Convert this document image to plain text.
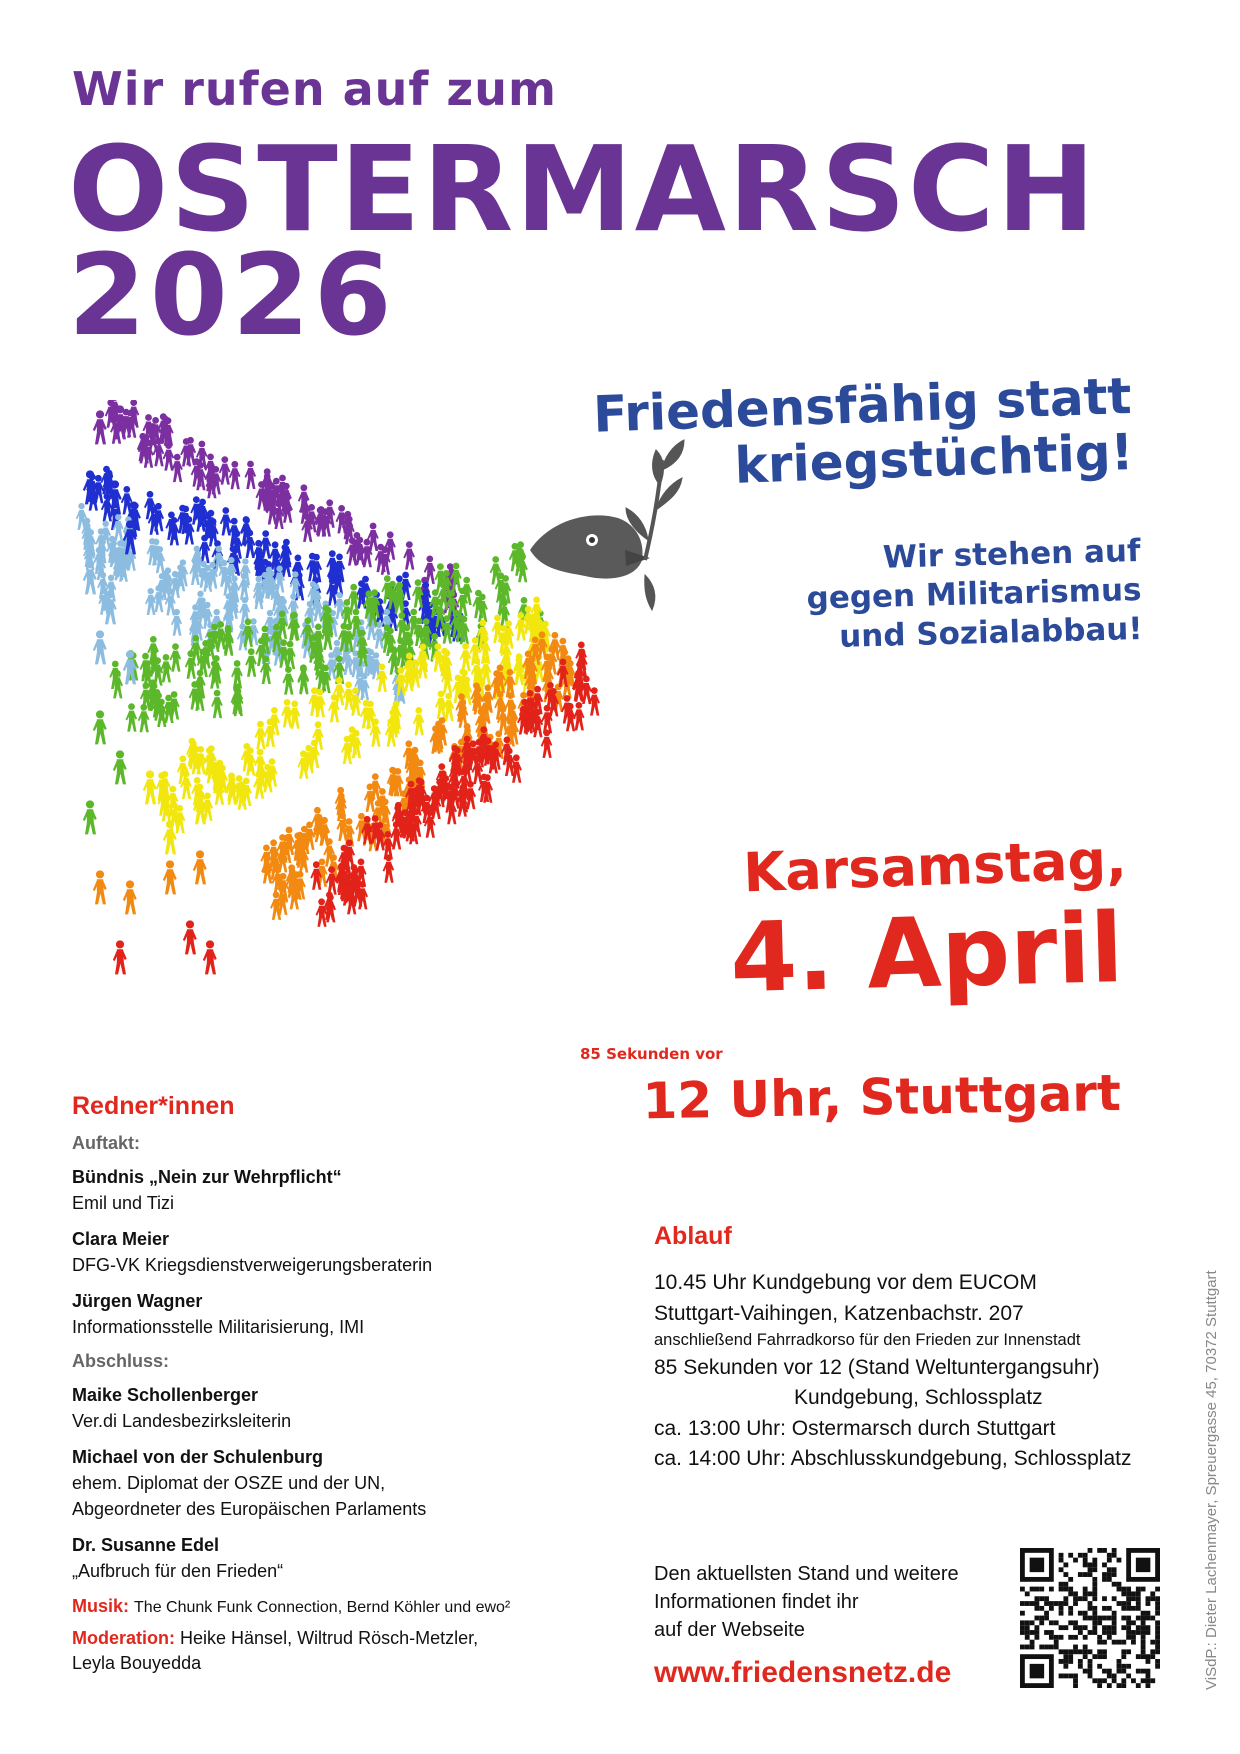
Wir rufen auf zum
OSTERMARSCH
2026
Friedensfähig statt
kriegstüchtig!
Wir stehen auf
gegen Militarismus
und Sozialabbau!
Karsamstag,
4. April
85 Sekunden vor
12 Uhr, Stuttgart
Redner*innen
Auftakt:
Bündnis „Nein zur Wehrpflicht“
Emil und Tizi
Clara Meier
DFG-VK Kriegsdienstverweigerungsberaterin
Jürgen Wagner
Informationsstelle Militarisierung, IMI
Abschluss:
Maike Schollenberger
Ver.di Landesbezirksleiterin
Michael von der Schulenburg
ehem. Diplomat der OSZE und der UN,
Abgeordneter des Europäischen Parlaments
Dr. Susanne Edel
„Aufbruch für den Frieden“
Musik: The Chunk Funk Connection, Bernd Köhler und ewo²
Moderation: Heike Hänsel, Wiltrud Rösch-Metzler,
Leyla Bouyedda
Ablauf
10.45 Uhr Kundgebung vor dem EUCOM
Stuttgart-Vaihingen, Katzenbachstr. 207
anschließend Fahrradkorso für den Frieden zur Innenstadt
85 Sekunden vor 12 (Stand Weltuntergangsuhr)
Kundgebung, Schlossplatz
ca. 13:00 Uhr: Ostermarsch durch Stuttgart
ca. 14:00 Uhr: Abschlusskundgebung, Schlossplatz
Den aktuellsten Stand und weitere
Informationen findet ihr
auf der Webseite
www.friedensnetz.de	ViSdP.: Dieter Lachenmayer, Spreuergasse 45, 70372 Stuttgart
